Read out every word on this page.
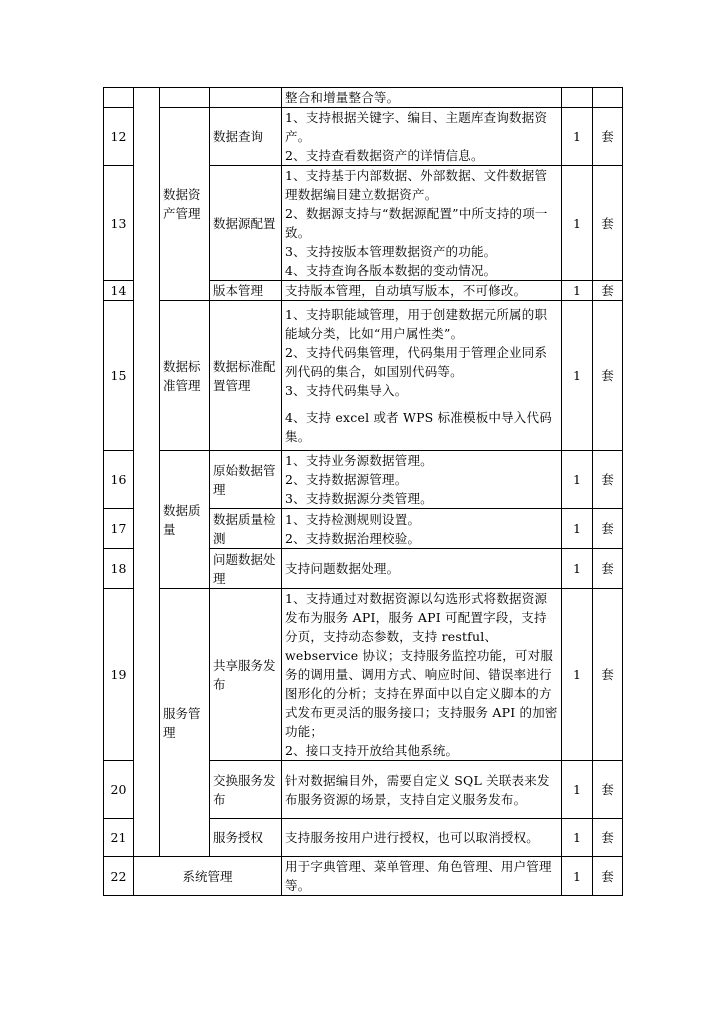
				整合和增量整合等。		
12		数据资产管理	数据查询	1、支持根据关键字、编目、主题库查询数据资产。
2、支持查看数据资产的详情信息。	1	套
13			数据源配置	1、支持基于内部数据、外部数据、文件数据管理数据编目建立数据资产。
2、数据源支持与“数据源配置”中所支持的项一致。
3、支持按版本管理数据资产的功能。
4、支持查询各版本数据的变动情况。	1	套
14			版本管理	支持版本管理，自动填写版本，不可修改。	1	套
15		数据标准管理	数据标准配置管理	1、支持职能域管理，用于创建数据元所属的职能域分类，比如“用户属性类”。
2、支持代码集管理，代码集用于管理企业同系列代码的集合，如国别代码等。
3、支持代码集导入。
4、支持 excel 或者 WPS 标准模板中导入代码集。	1	套
16		数据质量	原始数据管理	1、支持业务源数据管理。
2、支持数据源管理。
3、支持数据源分类管理。	1	套
17			数据质量检测	1、支持检测规则设置。
2、支持数据治理校验。	1	套
18			问题数据处理	支持问题数据处理。	1	套
19		服务管理	共享服务发布	1、支持通过对数据资源以勾选形式将数据资源发布为服务 API，服务 API 可配置字段，支持分页，支持动态参数，支持 restful、webservice 协议；支持服务监控功能，可对服务的调用量、调用方式、响应时间、错误率进行图形化的分析；支持在界面中以自定义脚本的方式发布更灵活的服务接口；支持服务 API 的加密功能；
2、接口支持开放给其他系统。	1	套
20			交换服务发布	针对数据编目外，需要自定义 SQL 关联表来发布服务资源的场景，支持自定义服务发布。	1	套
21			服务授权	支持服务按用户进行授权，也可以取消授权。	1	套
22	系统管理			用于字典管理、菜单管理、角色管理、用户管理等。	1	套
